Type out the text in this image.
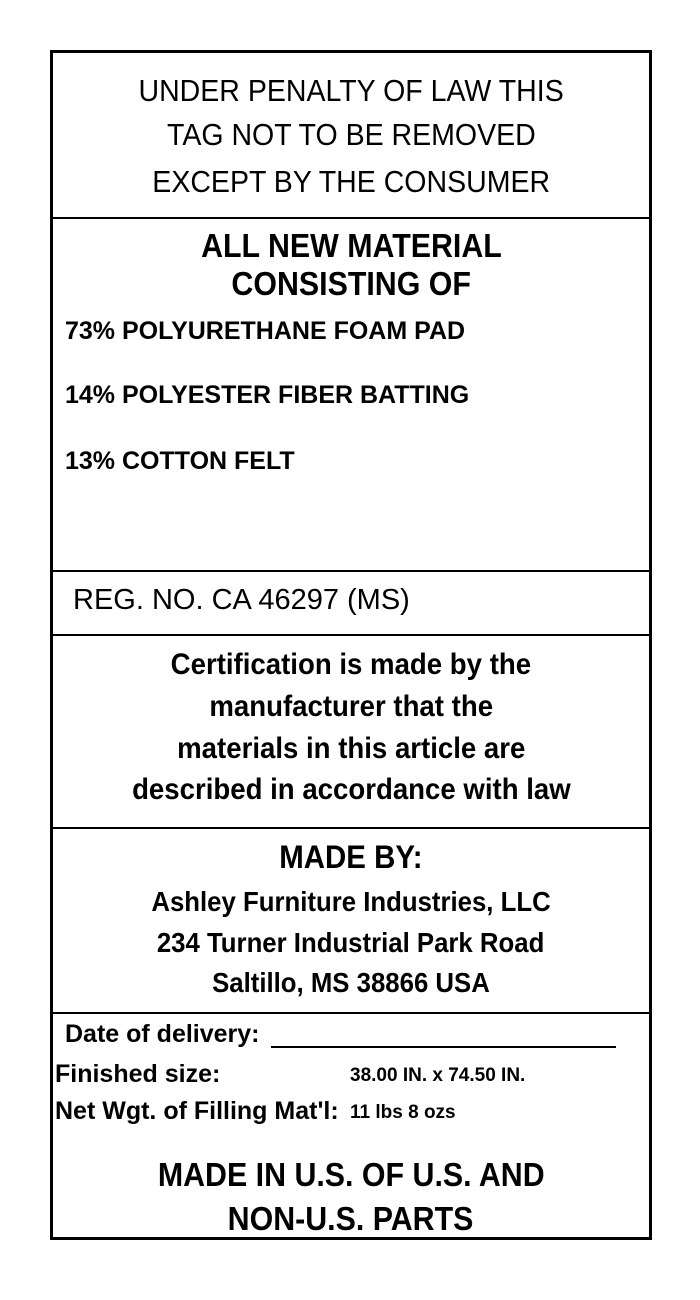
UNDER PENALTY OF LAW THIS
TAG NOT TO BE REMOVED
EXCEPT BY THE CONSUMER
ALL NEW MATERIAL
CONSISTING OF
73% POLYURETHANE FOAM PAD
14% POLYESTER FIBER BATTING
13% COTTON FELT
REG. NO. CA 46297 (MS)
Certification is made by the
manufacturer that the
materials in this article are
described in accordance with law
MADE BY:
Ashley Furniture Industries, LLC
234 Turner Industrial Park Road
Saltillo, MS 38866 USA
Date of delivery:
Finished size:	38.00 IN. x 74.50 IN.
Net Wgt. of Filling Mat'l: 11 lbs 8 ozs
MADE IN U.S. OF U.S. AND
NON-U.S. PARTS
